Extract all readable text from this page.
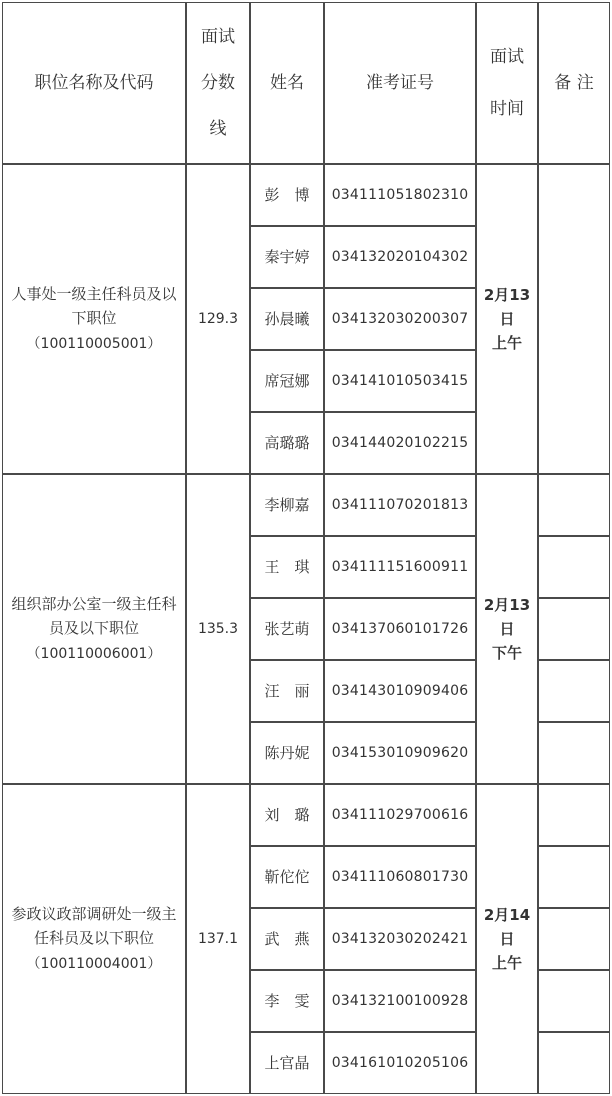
职位名称及代码
面试
分数
线
姓名	准考证号
面试
时间
备 注
人事处一级主任科员及以下职位
（100110005001）
129.3
2月13
日
上午
彭　博 034111051802310
秦宇婷 034132020104302
孙晨曦 034132030200307
席冠娜 034141010503415
高璐璐 034144020102215
组织部办公室一级主任科员及以下职位
（100110006001）
135.3
2月13
日
下午
李柳嘉 034111070201813
王　琪 034111151600911
张艺萌 034137060101726
汪　丽 034143010909406
陈丹妮 034153010909620
参政议政部调研处一级主任科员及以下职位
（100110004001）
137.1
2月14
日
上午
刘　璐 034111029700616
靳佗佗 034111060801730
武　燕 034132030202421
李　雯 034132100100928
上官晶 034161010205106
